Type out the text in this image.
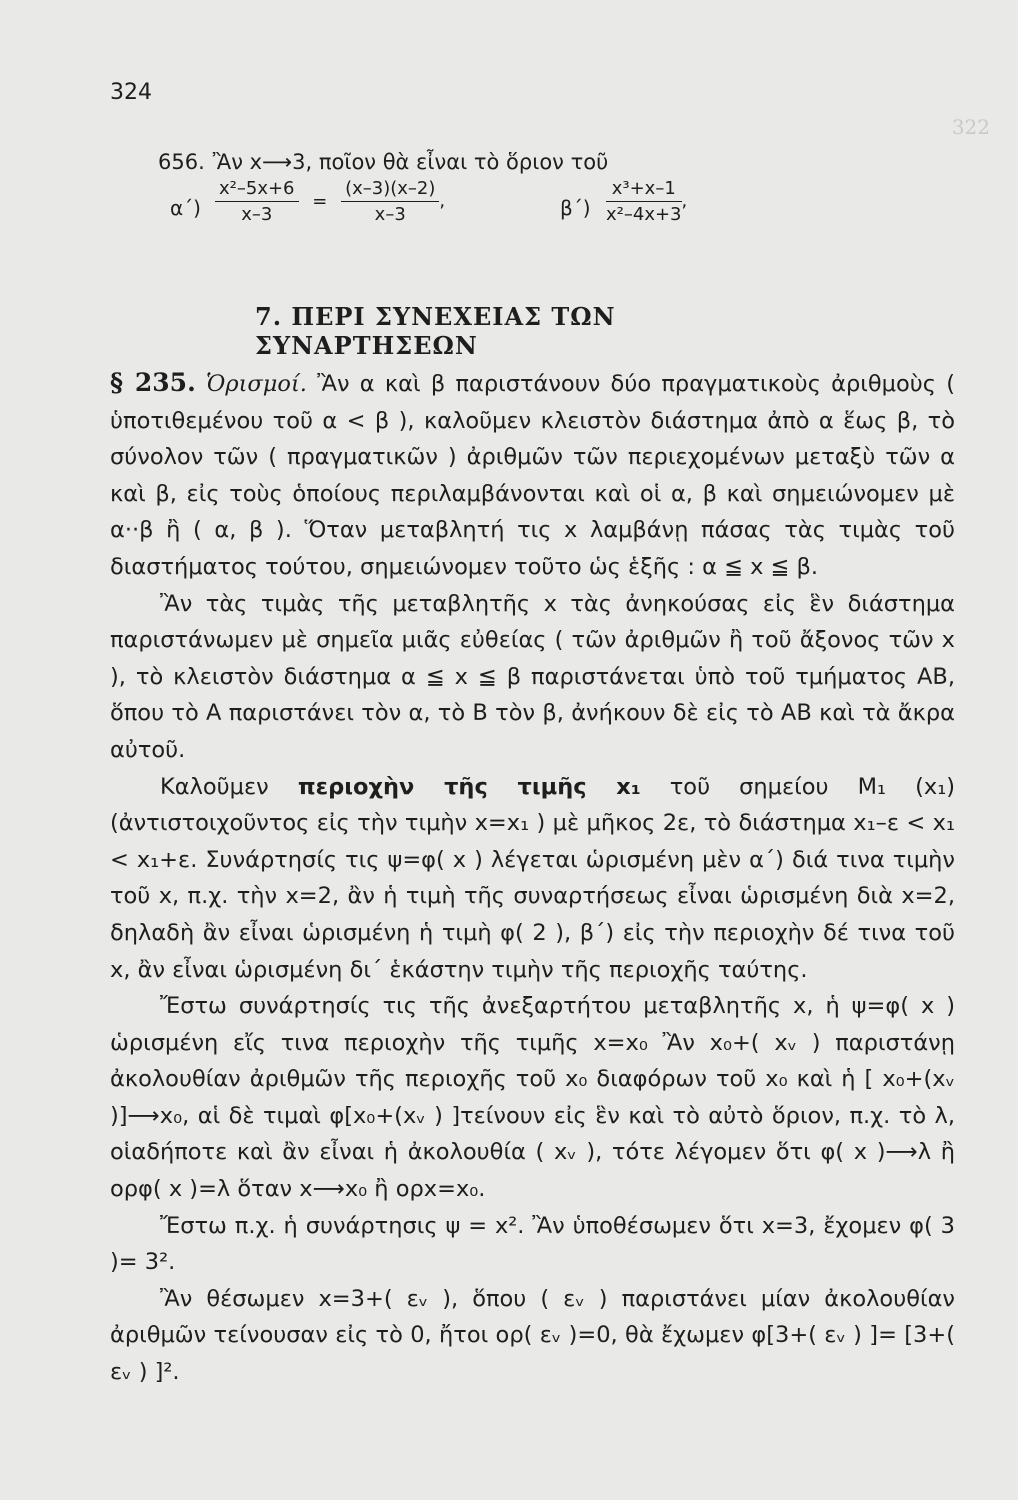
322
324
656. Ἂν x⟶3, ποῖον θὰ εἶναι τὸ ὅριον τοῦ
$\alpha΄) \frac{\text{x²–5x+6}}{x-3} = \frac{(x-3)(x-2)}{x-3}$ ,	$\beta΄) \frac{\text{x³+x–1}}{\text{x²–4x+3}}$ ,
7. ΠΕΡΙ ΣΥΝΕΧΕΙΑΣ ΤΩΝ ΣΥΝΑΡΤΗΣΕΩΝ

§ 235. Ὁρισμοί. Ἂν α καὶ β παριστάνουν δύο πραγματικοὺς ἀριθμοὺς ( ὑποτιθεμένου τοῦ α < β ), καλοῦμεν κλειστὸν διάστημα ἀπὸ α ἕως β, τὸ σύνολον τῶν ( πραγματικῶν ) ἀριθμῶν τῶν περιεχομένων μεταξὺ τῶν α καὶ β, εἰς τοὺς ὁποίους περιλαμβάνονται καὶ οἱ α, β καὶ σημειώνομεν μὲ α··β ἢ ( α, β ). Ὅταν μεταβλητή τις x λαμβάνῃ πάσας τὰς τιμὰς τοῦ διαστήματος τούτου, σημειώνομεν τοῦτο ὡς ἑξῆς : α ≦ x ≦ β.

Ἂν τὰς τιμὰς τῆς μεταβλητῆς x τὰς ἀνηκούσας εἰς ἓν διάστημα παριστάνωμεν μὲ σημεῖα μιᾶς εὐθείας ( τῶν ἀριθμῶν ἢ τοῦ ἄξονος τῶν x ), τὸ κλειστὸν διάστημα α ≦ x ≦ β παριστάνεται ὑπὸ τοῦ τμήματος ΑΒ, ὅπου τὸ Α παριστάνει τὸν α, τὸ Β τὸν β, ἀνήκουν δὲ εἰς τὸ ΑΒ καὶ τὰ ἄκρα αὐτοῦ.

Καλοῦμεν περιοχὴν τῆς τιμῆς x₁ τοῦ σημείου Μ₁ (x₁) (ἀντιστοιχοῦντος εἰς τὴν τιμὴν x=x₁ ) μὲ μῆκος 2ε, τὸ διάστημα x₁–ε < x₁ < x₁+ε. Συνάρτησίς τις ψ=φ( x ) λέγεται ὡρισμένη μὲν α΄) διά τινα τιμὴν τοῦ x, π.χ. τὴν x=2, ἂν ἡ τιμὴ τῆς συναρτήσεως εἶναι ὡρισμένη διὰ x=2, δηλαδὴ ἂν εἶναι ὡρισμένη ἡ τιμὴ φ( 2 ), β΄) εἰς τὴν περιοχὴν δέ τινα τοῦ x, ἂν εἶναι ὡρισμένη δι΄ ἑκάστην τιμὴν τῆς περιοχῆς ταύτης.

Ἔστω συνάρτησίς τις τῆς ἀνεξαρτήτου μεταβλητῆς x, ἡ ψ=φ( x ) ὡρισμένη εἴς τινα περιοχὴν τῆς τιμῆς x=x₀ Ἂν x₀+( xᵥ ) παριστάνῃ ἀκολουθίαν ἀριθμῶν τῆς περιοχῆς τοῦ x₀ διαφόρων τοῦ x₀ καὶ ἡ [ x₀+(xᵥ )]⟶x₀, αἱ δὲ τιμαὶ φ[x₀+(xᵥ ) ]τείνουν εἰς ἓν καὶ τὸ αὐτὸ ὅριον, π.χ. τὸ λ, οἱαδήποτε καὶ ἂν εἶναι ἡ ἀκολουθία ( xᵥ ), τότε λέγομεν ὅτι φ( x )⟶λ ἢ ορφ( x )=λ ὅταν x⟶x₀ ἢ ορx=x₀.

Ἔστω π.χ. ἡ συνάρτησις ψ = x². Ἂν ὑποθέσωμεν ὅτι x=3, ἔχομεν φ( 3 )= 3².

Ἂν θέσωμεν x=3+( εᵥ ), ὅπου ( εᵥ ) παριστάνει μίαν ἀκολουθίαν ἀριθμῶν τείνουσαν εἰς τὸ 0, ἤτοι ορ( εᵥ )=0, θὰ ἔχωμεν φ[3+( εᵥ ) ]= [3+( εᵥ ) ]².
